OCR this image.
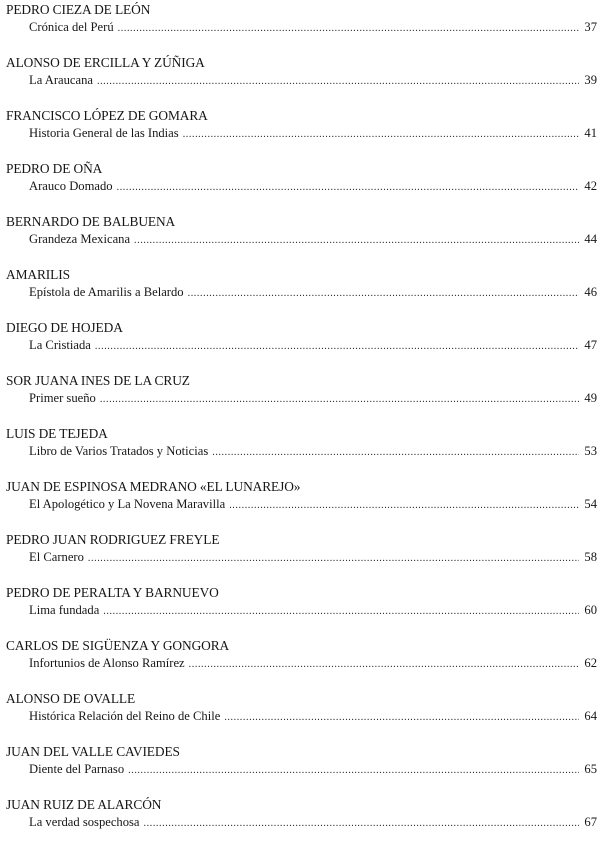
PEDRO CIEZA DE LEÓN
Crónica del Perú .....	37
ALONSO DE ERCILLA Y ZÚÑIGA
La Araucana .....	39
FRANCISCO LÓPEZ DE GOMARA
Historia General de las Indias .....	41
PEDRO DE OÑA
Arauco Domado .....	42
BERNARDO DE BALBUENA
Grandeza Mexicana .....	44
AMARILIS
Epístola de Amarilis a Belardo .....	46
DIEGO DE HOJEDA
La Cristiada .....	47
SOR JUANA INES DE LA CRUZ
Primer sueño .....	49
LUIS DE TEJEDA
Libro de Varios Tratados y Noticias .....	53
JUAN DE ESPINOSA MEDRANO «EL LUNAREJO»
El Apologético y La Novena Maravilla .....	54
PEDRO JUAN RODRIGUEZ FREYLE
El Carnero .....	58
PEDRO DE PERALTA Y BARNUEVO
Lima fundada .....	60
CARLOS DE SIGÜENZA Y GONGORA
Infortunios de Alonso Ramírez .....	62
ALONSO DE OVALLE
Histórica Relación del Reino de Chile .....	64
JUAN DEL VALLE CAVIEDES
Diente del Parnaso .....	65
JUAN RUIZ DE ALARCÓN
La verdad sospechosa .....	67
